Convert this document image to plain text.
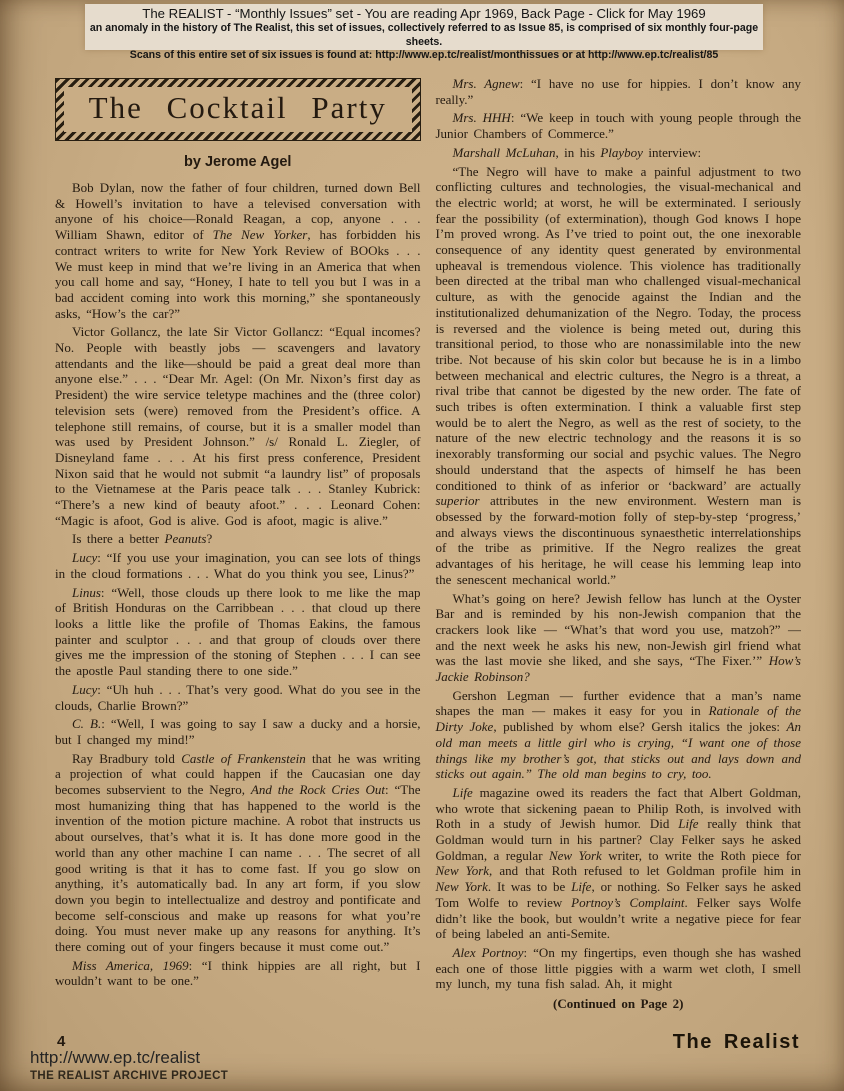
The REALIST - “Monthly Issues” set - You are reading Apr 1969, Back Page - Click for May 1969
an anomaly in the history of The Realist, this set of issues, collectively referred to as Issue 85, is comprised of six monthly four-page sheets.
Scans of this entire set of six issues is found at: http://www.ep.tc/realist/monthissues or at http://www.ep.tc/realist/85
The Cocktail Party
by Jerome Agel

Bob Dylan, now the father of four children, turned down Bell & Howell’s invitation to have a televised conversation with anyone of his choice—Ronald Reagan, a cop, anyone . . . William Shawn, editor of The New Yorker, has forbidden his contract writers to write for New York Review of BOOks . . . We must keep in mind that we’re living in an America that when you call home and say, “Honey, I hate to tell you but I was in a bad accident coming into work this morning,” she spontaneously asks, “How’s the car?”

Victor Gollancz, the late Sir Victor Gollancz: “Equal incomes? No. People with beastly jobs — scavengers and lavatory attendants and the like—should be paid a great deal more than anyone else.” . . . “Dear Mr. Agel: (On Mr. Nixon’s first day as President) the wire service teletype machines and the (three color) television sets (were) removed from the President’s office. A telephone still remains, of course, but it is a smaller model than was used by President Johnson.” /s/ Ronald L. Ziegler, of Disneyland fame . . . At his first press conference, President Nixon said that he would not submit “a laundry list” of proposals to the Vietnamese at the Paris peace talk . . . Stanley Kubrick: “There’s a new kind of beauty afoot.” . . . Leonard Cohen: “Magic is afoot, God is alive. God is afoot, magic is alive.”

Is there a better Peanuts?

Lucy: “If you use your imagination, you can see lots of things in the cloud formations . . . What do you think you see, Linus?”

Linus: “Well, those clouds up there look to me like the map of British Honduras on the Carribbean . . . that cloud up there looks a little like the profile of Thomas Eakins, the famous painter and sculptor . . . and that group of clouds over there gives me the impression of the stoning of Stephen . . . I can see the apostle Paul standing there to one side.”

Lucy: “Uh huh . . . That’s very good. What do you see in the clouds, Charlie Brown?”

C. B.: “Well, I was going to say I saw a ducky and a horsie, but I changed my mind!”

Ray Bradbury told Castle of Frankenstein that he was writing a projection of what could happen if the Caucasian one day becomes subservient to the Negro, And the Rock Cries Out: “The most humanizing thing that has happened to the world is the invention of the motion picture machine. A robot that instructs us about ourselves, that’s what it is. It has done more good in the world than any other machine I can name . . . The secret of all good writing is that it has to come fast. If you go slow on anything, it’s automatically bad. In any art form, if you slow down you begin to intellectualize and destroy and pontificate and become self-conscious and make up reasons for what you’re doing. You must never make up any reasons for anything. It’s there coming out of your fingers because it must come out.”

Miss America, 1969: “I think hippies are all right, but I wouldn’t want to be one.”

Mrs. Agnew: “I have no use for hippies. I don’t know any really.”

Mrs. HHH: “We keep in touch with young people through the Junior Chambers of Commerce.”

Marshall McLuhan, in his Playboy interview:

“The Negro will have to make a painful adjustment to two conflicting cultures and technologies, the visual-mechanical and the electric world; at worst, he will be exterminated. I seriously fear the possibility (of extermination), though God knows I hope I’m proved wrong. As I’ve tried to point out, the one inexorable consequence of any identity quest generated by environmental upheaval is tremendous violence. This violence has traditionally been directed at the tribal man who challenged visual-mechanical culture, as with the genocide against the Indian and the institutionalized dehumanization of the Negro. Today, the process is reversed and the violence is being meted out, during this transitional period, to those who are nonassimilable into the new tribe. Not because of his skin color but because he is in a limbo between mechanical and electric cultures, the Negro is a threat, a rival tribe that cannot be digested by the new order. The fate of such tribes is often extermination. I think a valuable first step would be to alert the Negro, as well as the rest of society, to the nature of the new electric technology and the reasons it is so inexorably transforming our social and psychic values. The Negro should understand that the aspects of himself he has been conditioned to think of as inferior or ‘backward’ are actually superior attributes in the new environment. Western man is obsessed by the forward-motion folly of step-by-step ‘progress,’ and always views the discontinuous synaesthetic interrelationships of the tribe as primitive. If the Negro realizes the great advantages of his heritage, he will cease his lemming leap into the senescent mechanical world.”

What’s going on here? Jewish fellow has lunch at the Oyster Bar and is reminded by his non-Jewish companion that the crackers look like — “What’s that word you use, matzoh?” — and the next week he asks his new, non-Jewish girl friend what was the last movie she liked, and she says, “The Fixer.’” How’s Jackie Robinson?

Gershon Legman — further evidence that a man’s name shapes the man — makes it easy for you in Rationale of the Dirty Joke, published by whom else? Gersh italics the jokes: An old man meets a little girl who is crying, “I want one of those things like my brother’s got, that sticks out and lays down and sticks out again.” The old man begins to cry, too.

Life magazine owed its readers the fact that Albert Goldman, who wrote that sickening paean to Philip Roth, is involved with Roth in a study of Jewish humor. Did Life really think that Goldman would turn in his partner? Clay Felker says he asked Goldman, a regular New York writer, to write the Roth piece for New York, and that Roth refused to let Goldman profile him in New York. It was to be Life, or nothing. So Felker says he asked Tom Wolfe to review Portnoy’s Complaint. Felker says Wolfe didn’t like the book, but wouldn’t write a negative piece for fear of being labeled an anti-Semite.

Alex Portnoy: “On my fingertips, even though she has washed each one of those little piggies with a warm wet cloth, I smell my lunch, my tuna fish salad. Ah, it might

(Continued on Page 2)

4	The Realist
http://www.ep.tc/realist
THE REALIST ARCHIVE PROJECT
